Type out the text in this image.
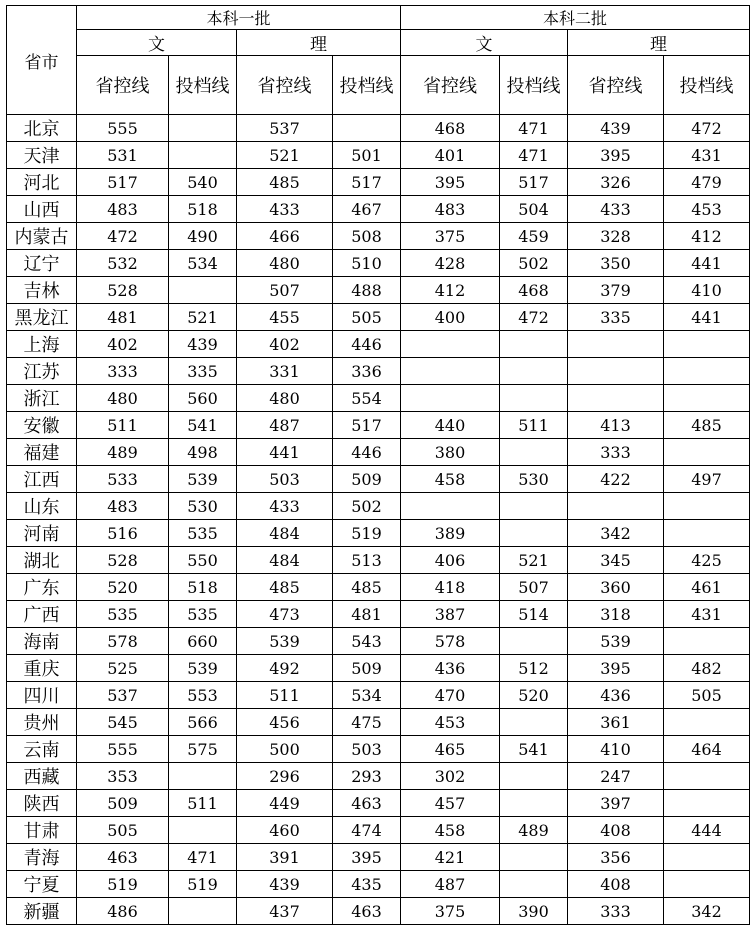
省市	本科一批				本科二批			
	文		理		文		理	
	省控线	投档线	省控线	投档线	省控线	投档线	省控线	投档线
北京	555		537		468	471	439	472
天津	531		521	501	401	471	395	431
河北	517	540	485	517	395	517	326	479
山西	483	518	433	467	483	504	433	453
内蒙古	472	490	466	508	375	459	328	412
辽宁	532	534	480	510	428	502	350	441
吉林	528		507	488	412	468	379	410
黑龙江	481	521	455	505	400	472	335	441
上海	402	439	402	446				
江苏	333	335	331	336				
浙江	480	560	480	554				
安徽	511	541	487	517	440	511	413	485
福建	489	498	441	446	380		333	
江西	533	539	503	509	458	530	422	497
山东	483	530	433	502				
河南	516	535	484	519	389		342	
湖北	528	550	484	513	406	521	345	425
广东	520	518	485	485	418	507	360	461
广西	535	535	473	481	387	514	318	431
海南	578	660	539	543	578		539	
重庆	525	539	492	509	436	512	395	482
四川	537	553	511	534	470	520	436	505
贵州	545	566	456	475	453		361	
云南	555	575	500	503	465	541	410	464
西藏	353		296	293	302		247	
陕西	509	511	449	463	457		397	
甘肃	505		460	474	458	489	408	444
青海	463	471	391	395	421		356	
宁夏	519	519	439	435	487		408	
新疆	486		437	463	375	390	333	342
